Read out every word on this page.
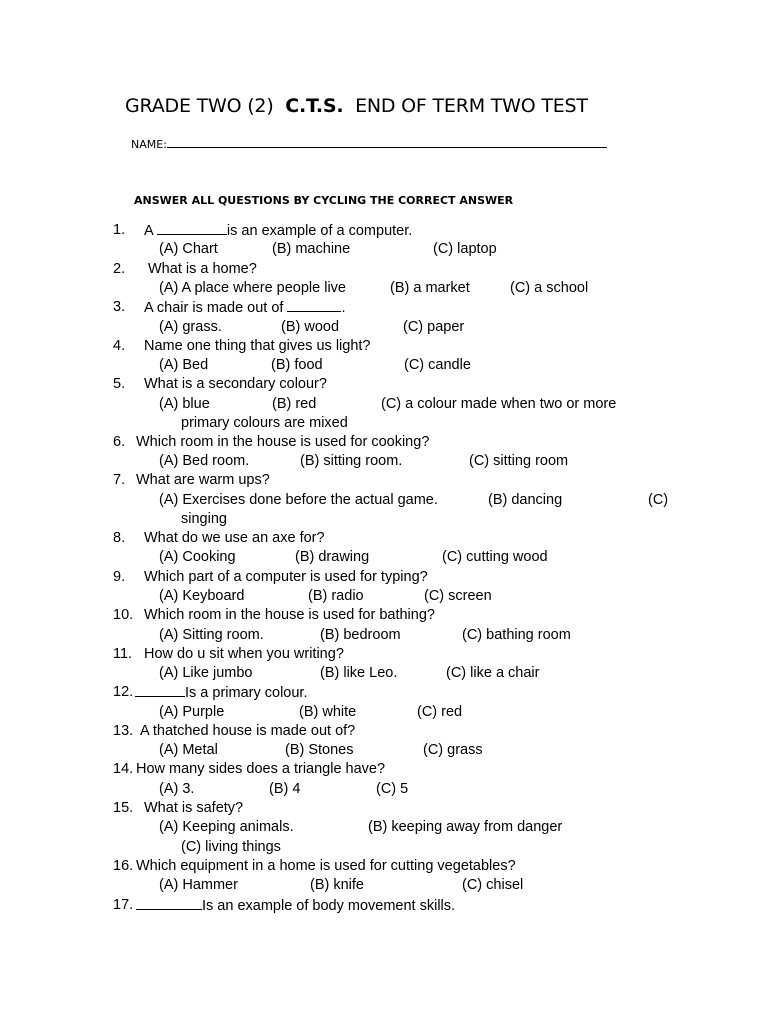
GRADE TWO (2) C.T.S. END OF TERM TWO TEST
NAME:
ANSWER ALL QUESTIONS BY CYCLING THE CORRECT ANSWER
1. A	is an example of a computer.
(A) Chart	(B) machine	(C) laptop
2. What is a home?
(A) A place where people live	(B) a market	(C) a school
3. A chair is made out of	.
(A) grass.	(B) wood	(C) paper
4. Name one thing that gives us light?
(A) Bed	(B) food	(C) candle
5. What is a secondary colour?
(A) blue	(B) red	(C) a colour made when two or more
primary colours are mixed
6. Which room in the house is used for cooking?
(A) Bed room.	(B) sitting room.	(C) sitting room
7. What are warm ups?
(A) Exercises done before the actual game.	(B) dancing	(C)
singing
8. What do we use an axe for?
(A) Cooking	(B) drawing	(C) cutting wood
9. Which part of a computer is used for typing?
(A) Keyboard	(B) radio	(C) screen
10. Which room in the house is used for bathing?
(A) Sitting room.	(B) bedroom	(C) bathing room
11. How do u sit when you writing?
(A) Like jumbo	(B) like Leo.	(C) like a chair
12.	Is a primary colour.
(A) Purple	(B) white	(C) red
13. A thatched house is made out of?
(A) Metal	(B) Stones	(C) grass
14. How many sides does a triangle have?
(A) 3.	(B) 4	(C) 5
15. What is safety?
(A) Keeping animals.	(B) keeping away from danger
(C) living things
16. Which equipment in a home is used for cutting vegetables?
(A) Hammer	(B) knife	(C) chisel
17.	Is an example of body movement skills.
